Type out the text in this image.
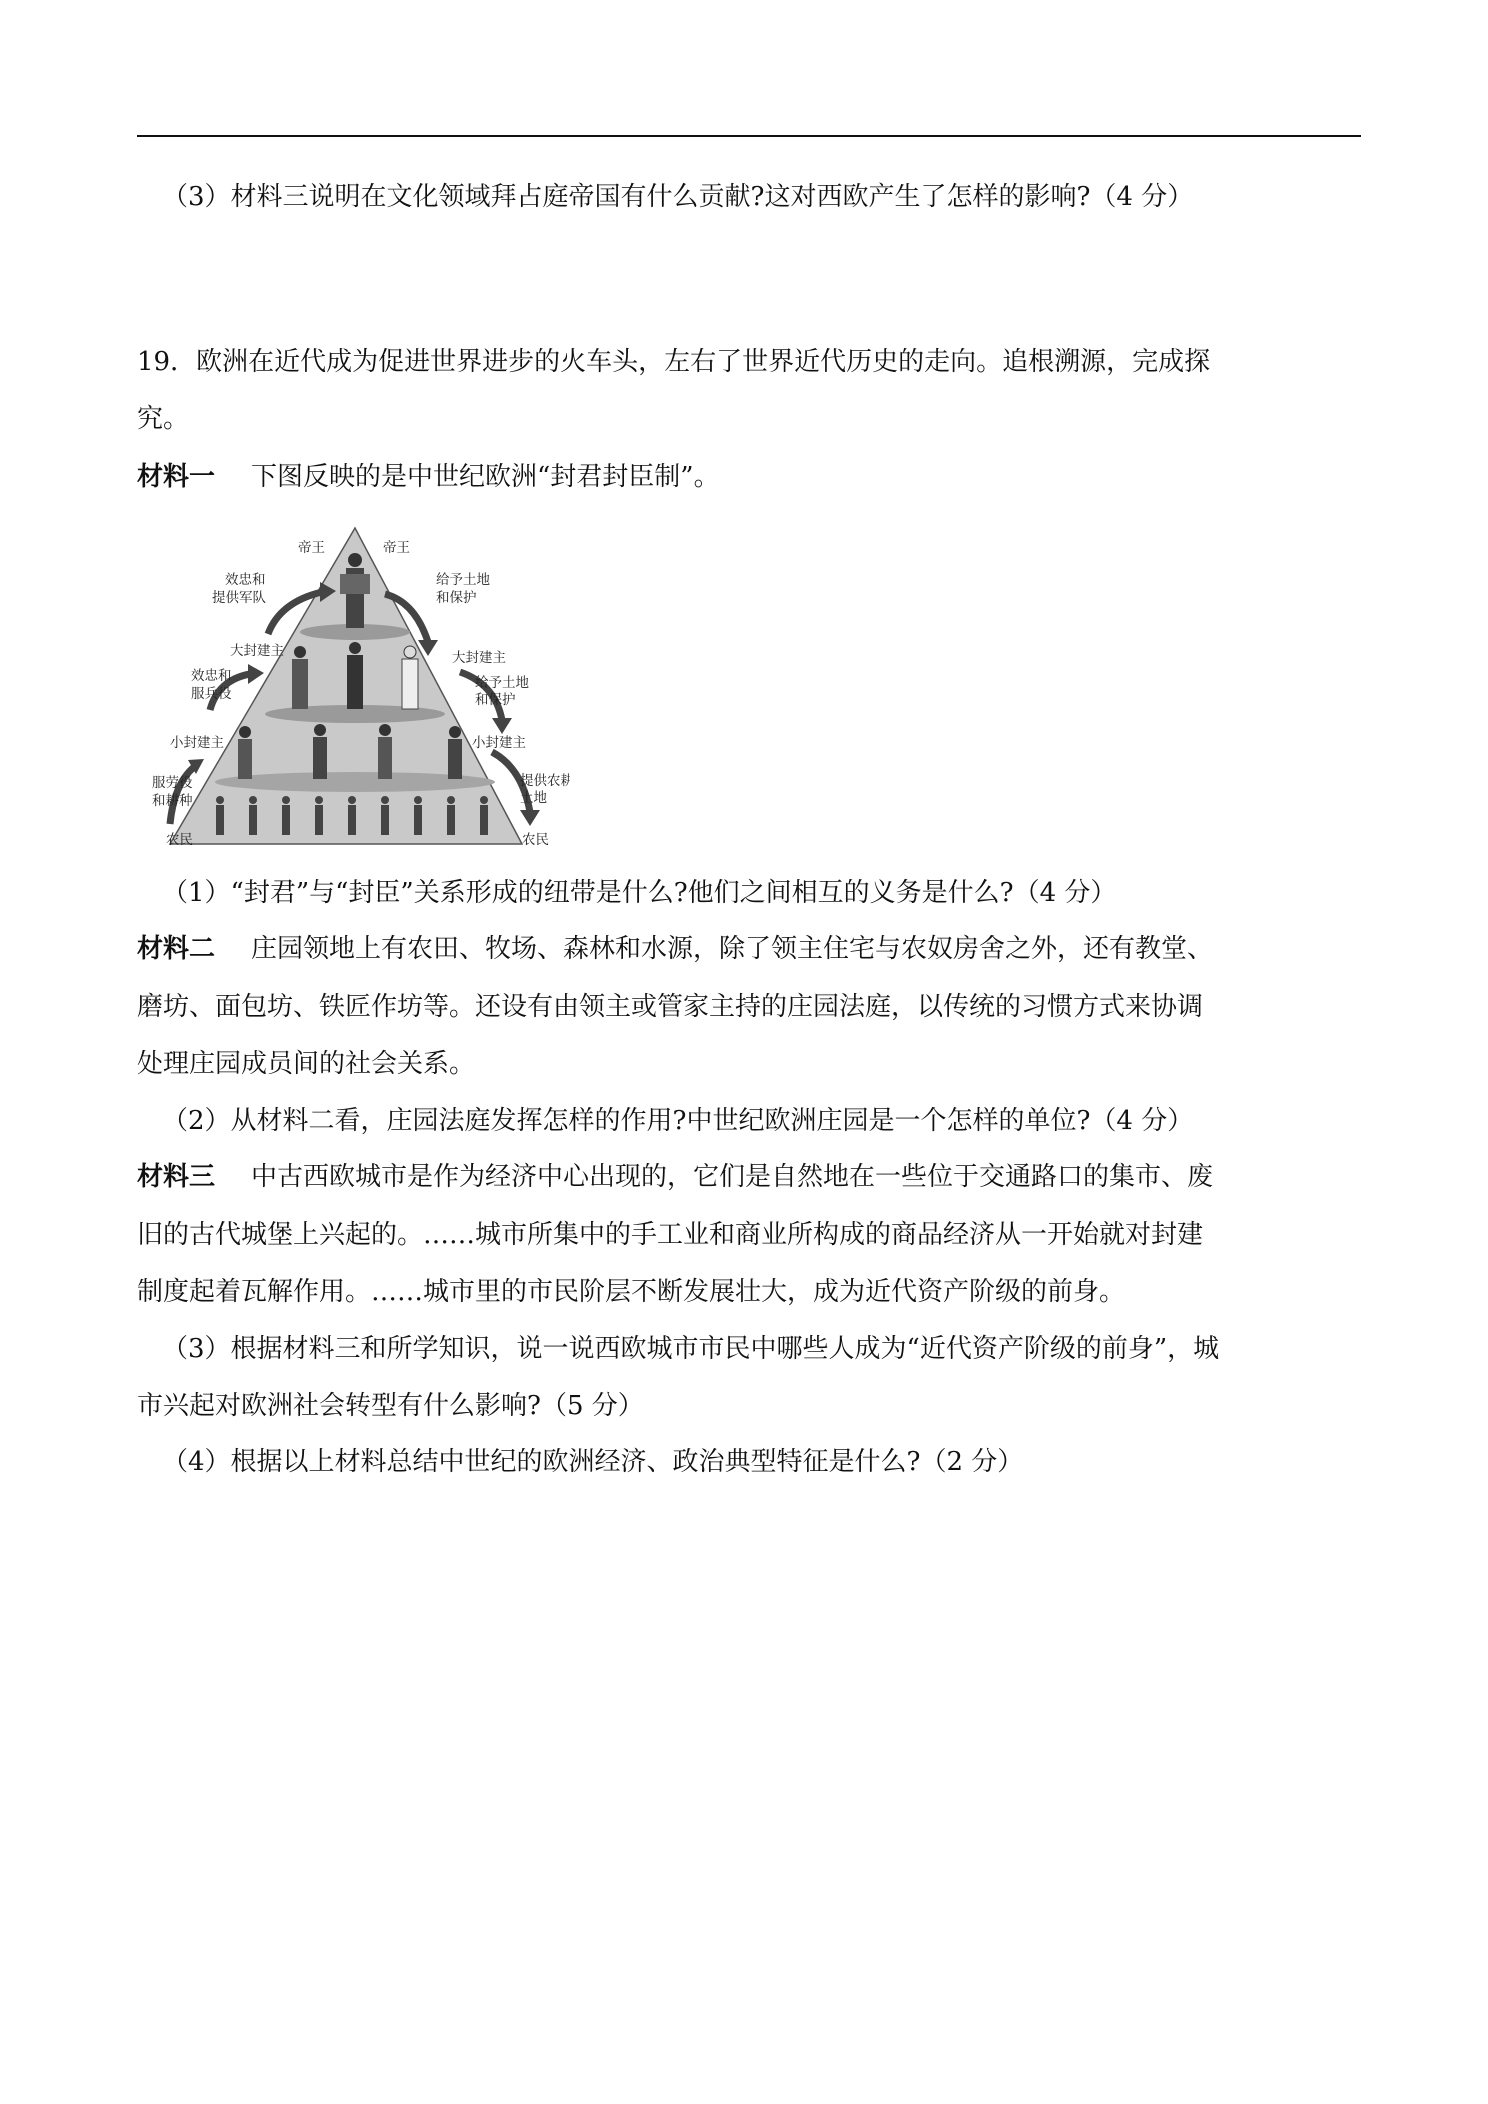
（3）材料三说明在文化领域拜占庭帝国有什么贡献?这对西欧产生了怎样的影响?（4 分）
19．欧洲在近代成为促进世界进步的火车头，左右了世界近代历史的走向。追根溯源，完成探
究。
材料一 下图反映的是中世纪欧洲“封君封臣制”。
帝王	帝王
效忠和
提供军队
给予土地
和保护
大封建主	大封建主
效忠和
服兵役
给予土地
和保护
小封建主	小封建主
服劳役
和耕种
提供农耕
土地
农民	农民
（1）“封君”与“封臣”关系形成的纽带是什么?他们之间相互的义务是什么?（4 分）
材料二 庄园领地上有农田、牧场、森林和水源，除了领主住宅与农奴房舍之外，还有教堂、
磨坊、面包坊、铁匠作坊等。还设有由领主或管家主持的庄园法庭，以传统的习惯方式来协调
处理庄园成员间的社会关系。
（2）从材料二看，庄园法庭发挥怎样的作用?中世纪欧洲庄园是一个怎样的单位?（4 分）
材料三 中古西欧城市是作为经济中心出现的，它们是自然地在一些位于交通路口的集市、废
旧的古代城堡上兴起的。……城市所集中的手工业和商业所构成的商品经济从一开始就对封建
制度起着瓦解作用。……城市里的市民阶层不断发展壮大，成为近代资产阶级的前身。
（3）根据材料三和所学知识，说一说西欧城市市民中哪些人成为“近代资产阶级的前身”，城
市兴起对欧洲社会转型有什么影响?（5 分）
（4）根据以上材料总结中世纪的欧洲经济、政治典型特征是什么?（2 分）
